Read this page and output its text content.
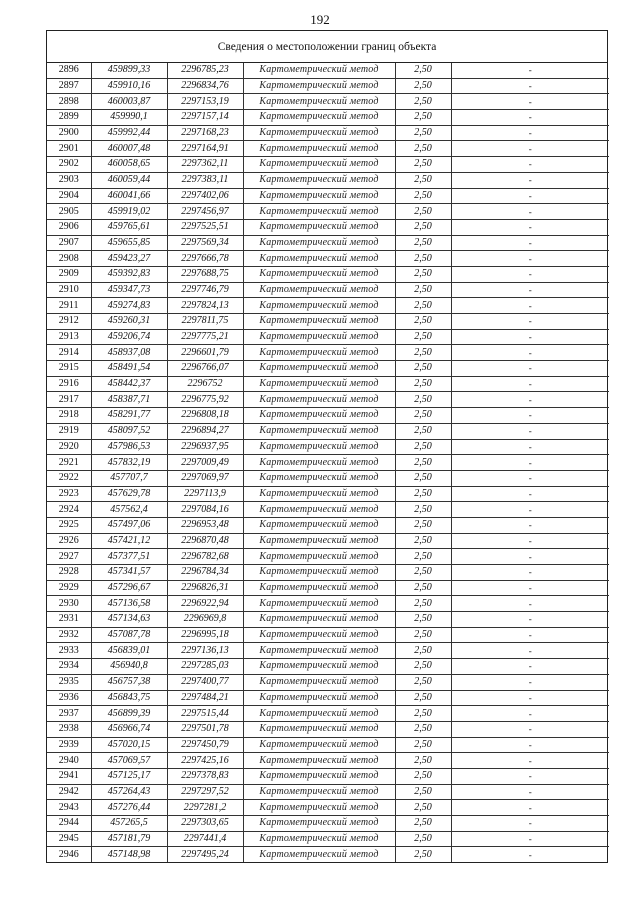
192
Сведения о местоположении границ объекта
2896	459899,33	2296785,23	Картометрический метод	2,50	-
2897	459910,16	2296834,76	Картометрический метод	2,50	-
2898	460003,87	2297153,19	Картометрический метод	2,50	-
2899	459990,1	2297157,14	Картометрический метод	2,50	-
2900	459992,44	2297168,23	Картометрический метод	2,50	-
2901	460007,48	2297164,91	Картометрический метод	2,50	-
2902	460058,65	2297362,11	Картометрический метод	2,50	-
2903	460059,44	2297383,11	Картометрический метод	2,50	-
2904	460041,66	2297402,06	Картометрический метод	2,50	-
2905	459919,02	2297456,97	Картометрический метод	2,50	-
2906	459765,61	2297525,51	Картометрический метод	2,50	-
2907	459655,85	2297569,34	Картометрический метод	2,50	-
2908	459423,27	2297666,78	Картометрический метод	2,50	-
2909	459392,83	2297688,75	Картометрический метод	2,50	-
2910	459347,73	2297746,79	Картометрический метод	2,50	-
2911	459274,83	2297824,13	Картометрический метод	2,50	-
2912	459260,31	2297811,75	Картометрический метод	2,50	-
2913	459206,74	2297775,21	Картометрический метод	2,50	-
2914	458937,08	2296601,79	Картометрический метод	2,50	-
2915	458491,54	2296766,07	Картометрический метод	2,50	-
2916	458442,37	2296752	Картометрический метод	2,50	-
2917	458387,71	2296775,92	Картометрический метод	2,50	-
2918	458291,77	2296808,18	Картометрический метод	2,50	-
2919	458097,52	2296894,27	Картометрический метод	2,50	-
2920	457986,53	2296937,95	Картометрический метод	2,50	-
2921	457832,19	2297009,49	Картометрический метод	2,50	-
2922	457707,7	2297069,97	Картометрический метод	2,50	-
2923	457629,78	2297113,9	Картометрический метод	2,50	-
2924	457562,4	2297084,16	Картометрический метод	2,50	-
2925	457497,06	2296953,48	Картометрический метод	2,50	-
2926	457421,12	2296870,48	Картометрический метод	2,50	-
2927	457377,51	2296782,68	Картометрический метод	2,50	-
2928	457341,57	2296784,34	Картометрический метод	2,50	-
2929	457296,67	2296826,31	Картометрический метод	2,50	-
2930	457136,58	2296922,94	Картометрический метод	2,50	-
2931	457134,63	2296969,8	Картометрический метод	2,50	-
2932	457087,78	2296995,18	Картометрический метод	2,50	-
2933	456839,01	2297136,13	Картометрический метод	2,50	-
2934	456940,8	2297285,03	Картометрический метод	2,50	-
2935	456757,38	2297400,77	Картометрический метод	2,50	-
2936	456843,75	2297484,21	Картометрический метод	2,50	-
2937	456899,39	2297515,44	Картометрический метод	2,50	-
2938	456966,74	2297501,78	Картометрический метод	2,50	-
2939	457020,15	2297450,79	Картометрический метод	2,50	-
2940	457069,57	2297425,16	Картометрический метод	2,50	-
2941	457125,17	2297378,83	Картометрический метод	2,50	-
2942	457264,43	2297297,52	Картометрический метод	2,50	-
2943	457276,44	2297281,2	Картометрический метод	2,50	-
2944	457265,5	2297303,65	Картометрический метод	2,50	-
2945	457181,79	2297441,4	Картометрический метод	2,50	-
2946	457148,98	2297495,24	Картометрический метод	2,50	-
